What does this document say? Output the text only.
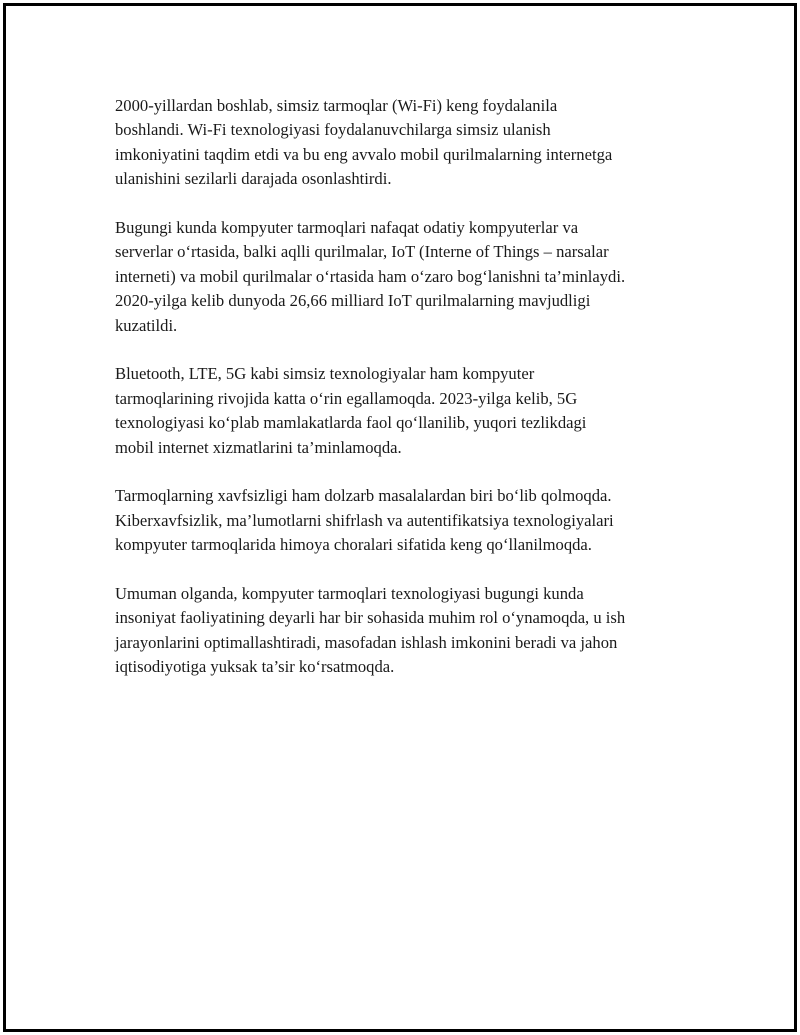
2000-yillardan boshlab, simsiz tarmoqlar (Wi-Fi) keng foydalanila
boshlandi. Wi-Fi texnologiyasi foydalanuvchilarga simsiz ulanish
imkoniyatini taqdim etdi va bu eng avvalo mobil qurilmalarning internetga
ulanishini sezilarli darajada osonlashtirdi.

Bugungi kunda kompyuter tarmoqlari nafaqat odatiy kompyuterlar va
serverlar o‘rtasida, balki aqlli qurilmalar, IoT (Interne of Things – narsalar
interneti) va mobil qurilmalar o‘rtasida ham o‘zaro bog‘lanishni ta’minlaydi.
2020-yilga kelib dunyoda 26,66 milliard IoT qurilmalarning mavjudligi
kuzatildi.

Bluetooth, LTE, 5G kabi simsiz texnologiyalar ham kompyuter
tarmoqlarining rivojida katta o‘rin egallamoqda. 2023-yilga kelib, 5G
texnologiyasi ko‘plab mamlakatlarda faol qo‘llanilib, yuqori tezlikdagi
mobil internet xizmatlarini ta’minlamoqda.

Tarmoqlarning xavfsizligi ham dolzarb masalalardan biri bo‘lib qolmoqda.
Kiberxavfsizlik, ma’lumotlarni shifrlash va autentifikatsiya texnologiyalari
kompyuter tarmoqlarida himoya choralari sifatida keng qo‘llanilmoqda.

Umuman olganda, kompyuter tarmoqlari texnologiyasi bugungi kunda
insoniyat faoliyatining deyarli har bir sohasida muhim rol o‘ynamoqda, u ish
jarayonlarini optimallashtiradi, masofadan ishlash imkonini beradi va jahon
iqtisodiyotiga yuksak ta’sir ko‘rsatmoqda.
